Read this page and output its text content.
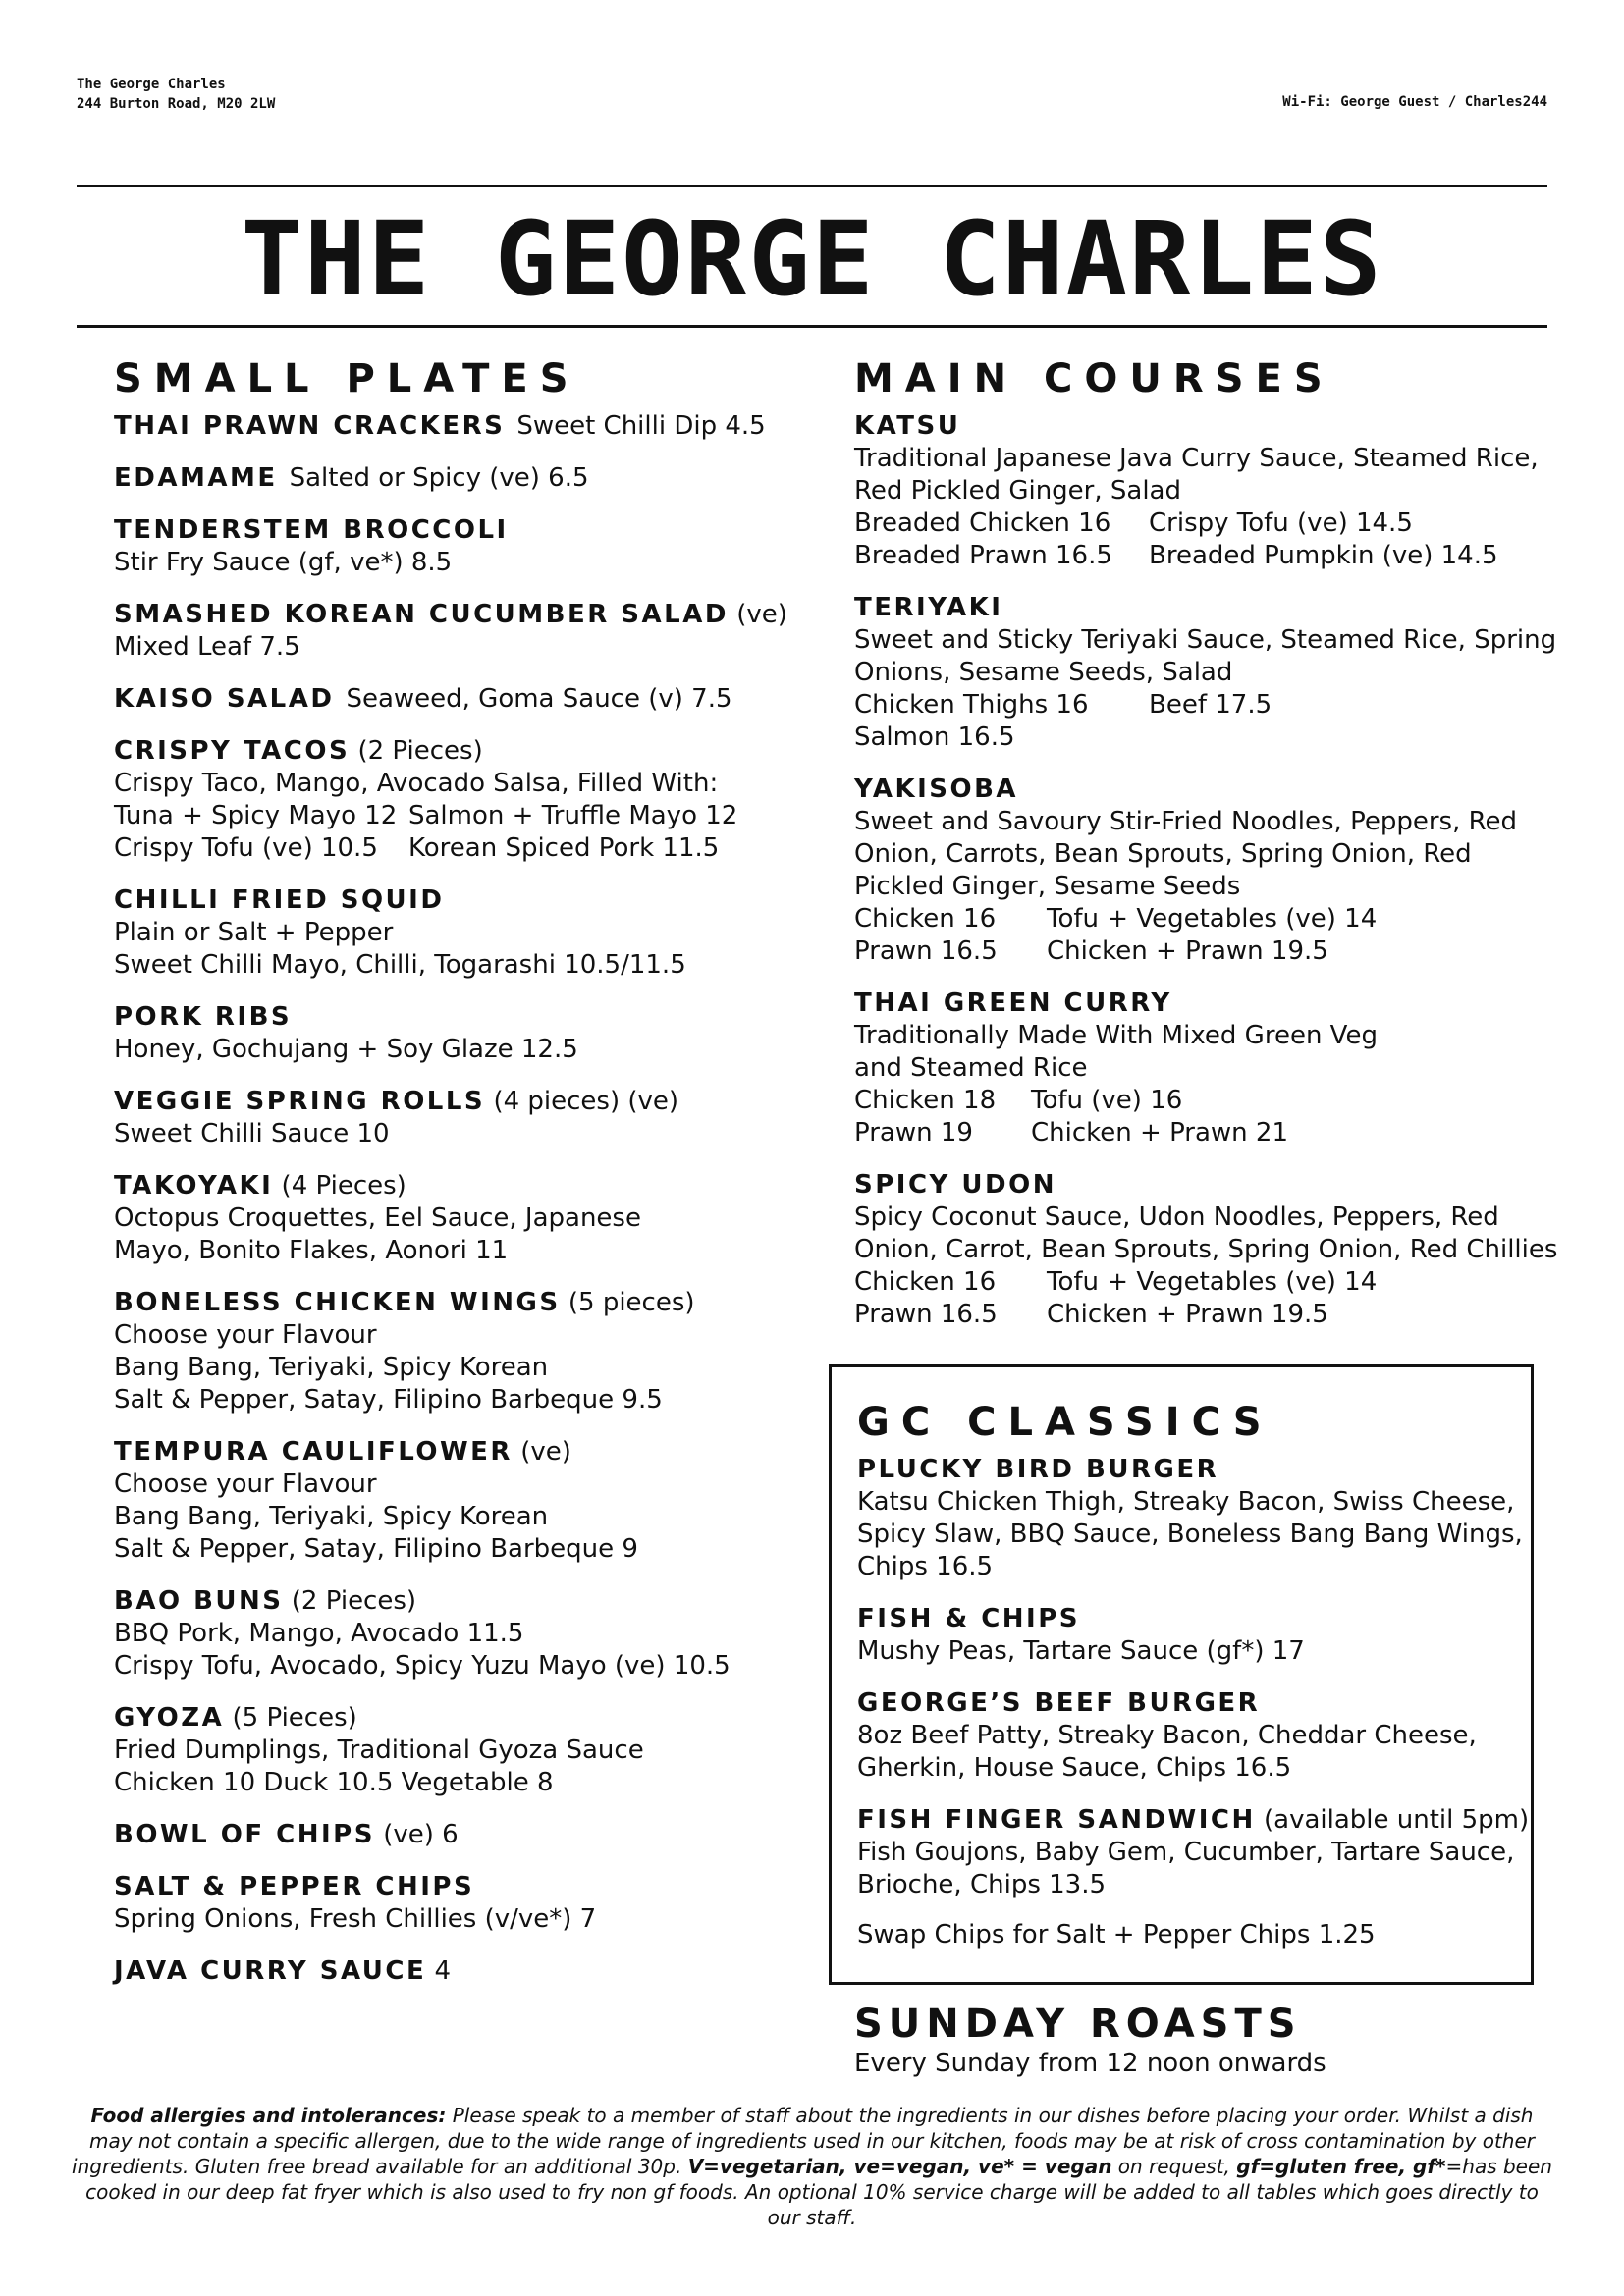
The George Charles
244 Burton Road, M20 2LW	Wi-Fi: George Guest / Charles244
THE GEORGE CHARLES
SMALL PLATES
THAI PRAWN CRACKERS Sweet Chilli Dip 4.5
EDAMAME Salted or Spicy (ve) 6.5
TENDERSTEM BROCCOLI
Stir Fry Sauce (gf, ve*) 8.5
SMASHED KOREAN CUCUMBER SALAD (ve)
Mixed Leaf 7.5
KAISO SALAD Seaweed, Goma Sauce (v) 7.5
CRISPY TACOS (2 Pieces)
Crispy Taco, Mango, Avocado Salsa, Filled With:
Tuna + Spicy Mayo 12 Salmon + Truffle Mayo 12
Crispy Tofu (ve) 10.5 Korean Spiced Pork 11.5
CHILLI FRIED SQUID
Plain or Salt + Pepper
Sweet Chilli Mayo, Chilli, Togarashi 10.5/11.5
PORK RIBS
Honey, Gochujang + Soy Glaze 12.5
VEGGIE SPRING ROLLS (4 pieces) (ve)
Sweet Chilli Sauce 10
TAKOYAKI (4 Pieces)
Octopus Croquettes, Eel Sauce, Japanese
Mayo, Bonito Flakes, Aonori 11
BONELESS CHICKEN WINGS (5 pieces)
Choose your Flavour
Bang Bang, Teriyaki, Spicy Korean
Salt & Pepper, Satay, Filipino Barbeque 9.5
TEMPURA CAULIFLOWER (ve)
Choose your Flavour
Bang Bang, Teriyaki, Spicy Korean
Salt & Pepper, Satay, Filipino Barbeque 9
BAO BUNS (2 Pieces)
BBQ Pork, Mango, Avocado 11.5
Crispy Tofu, Avocado, Spicy Yuzu Mayo (ve) 10.5
GYOZA (5 Pieces)
Fried Dumplings, Traditional Gyoza Sauce
Chicken 10 Duck 10.5 Vegetable 8
BOWL OF CHIPS (ve) 6
SALT & PEPPER CHIPS
Spring Onions, Fresh Chillies (v/ve*) 7
JAVA CURRY SAUCE 4
MAIN COURSES
KATSU
Traditional Japanese Java Curry Sauce, Steamed Rice,
Red Pickled Ginger, Salad
Breaded Chicken 16 Crispy Tofu (ve) 14.5
Breaded Prawn 16.5 Breaded Pumpkin (ve) 14.5
TERIYAKI
Sweet and Sticky Teriyaki Sauce, Steamed Rice, Spring
Onions, Sesame Seeds, Salad
Chicken Thighs 16 Beef 17.5
Salmon 16.5
YAKISOBA
Sweet and Savoury Stir-Fried Noodles, Peppers, Red
Onion, Carrots, Bean Sprouts, Spring Onion, Red
Pickled Ginger, Sesame Seeds
Chicken 16 Tofu + Vegetables (ve) 14
Prawn 16.5 Chicken + Prawn 19.5
THAI GREEN CURRY
Traditionally Made With Mixed Green Veg
and Steamed Rice
Chicken 18 Tofu (ve) 16
Prawn 19 Chicken + Prawn 21
SPICY UDON
Spicy Coconut Sauce, Udon Noodles, Peppers, Red
Onion, Carrot, Bean Sprouts, Spring Onion, Red Chillies
Chicken 16 Tofu + Vegetables (ve) 14
Prawn 16.5 Chicken + Prawn 19.5
GC CLASSICS
PLUCKY BIRD BURGER
Katsu Chicken Thigh, Streaky Bacon, Swiss Cheese,
Spicy Slaw, BBQ Sauce, Boneless Bang Bang Wings,
Chips 16.5
FISH & CHIPS
Mushy Peas, Tartare Sauce (gf*) 17
GEORGE’S BEEF BURGER
8oz Beef Patty, Streaky Bacon, Cheddar Cheese,
Gherkin, House Sauce, Chips 16.5
FISH FINGER SANDWICH (available until 5pm)
Fish Goujons, Baby Gem, Cucumber, Tartare Sauce,
Brioche, Chips 13.5
Swap Chips for Salt + Pepper Chips 1.25
SUNDAY ROASTS
Every Sunday from 12 noon onwards
Food allergies and intolerances: Please speak to a member of staff about the ingredients in our dishes before placing your order. Whilst a dish may not contain a specific allergen, due to the wide range of ingredients used in our kitchen, foods may be at risk of cross contamination by other ingredients. Gluten free bread available for an additional 30p. V=vegetarian, ve=vegan, ve* = vegan on request, gf=gluten free, gf*=has been cooked in our deep fat fryer which is also used to fry non gf foods. An optional 10% service charge will be added to all tables which goes directly to our staff.
